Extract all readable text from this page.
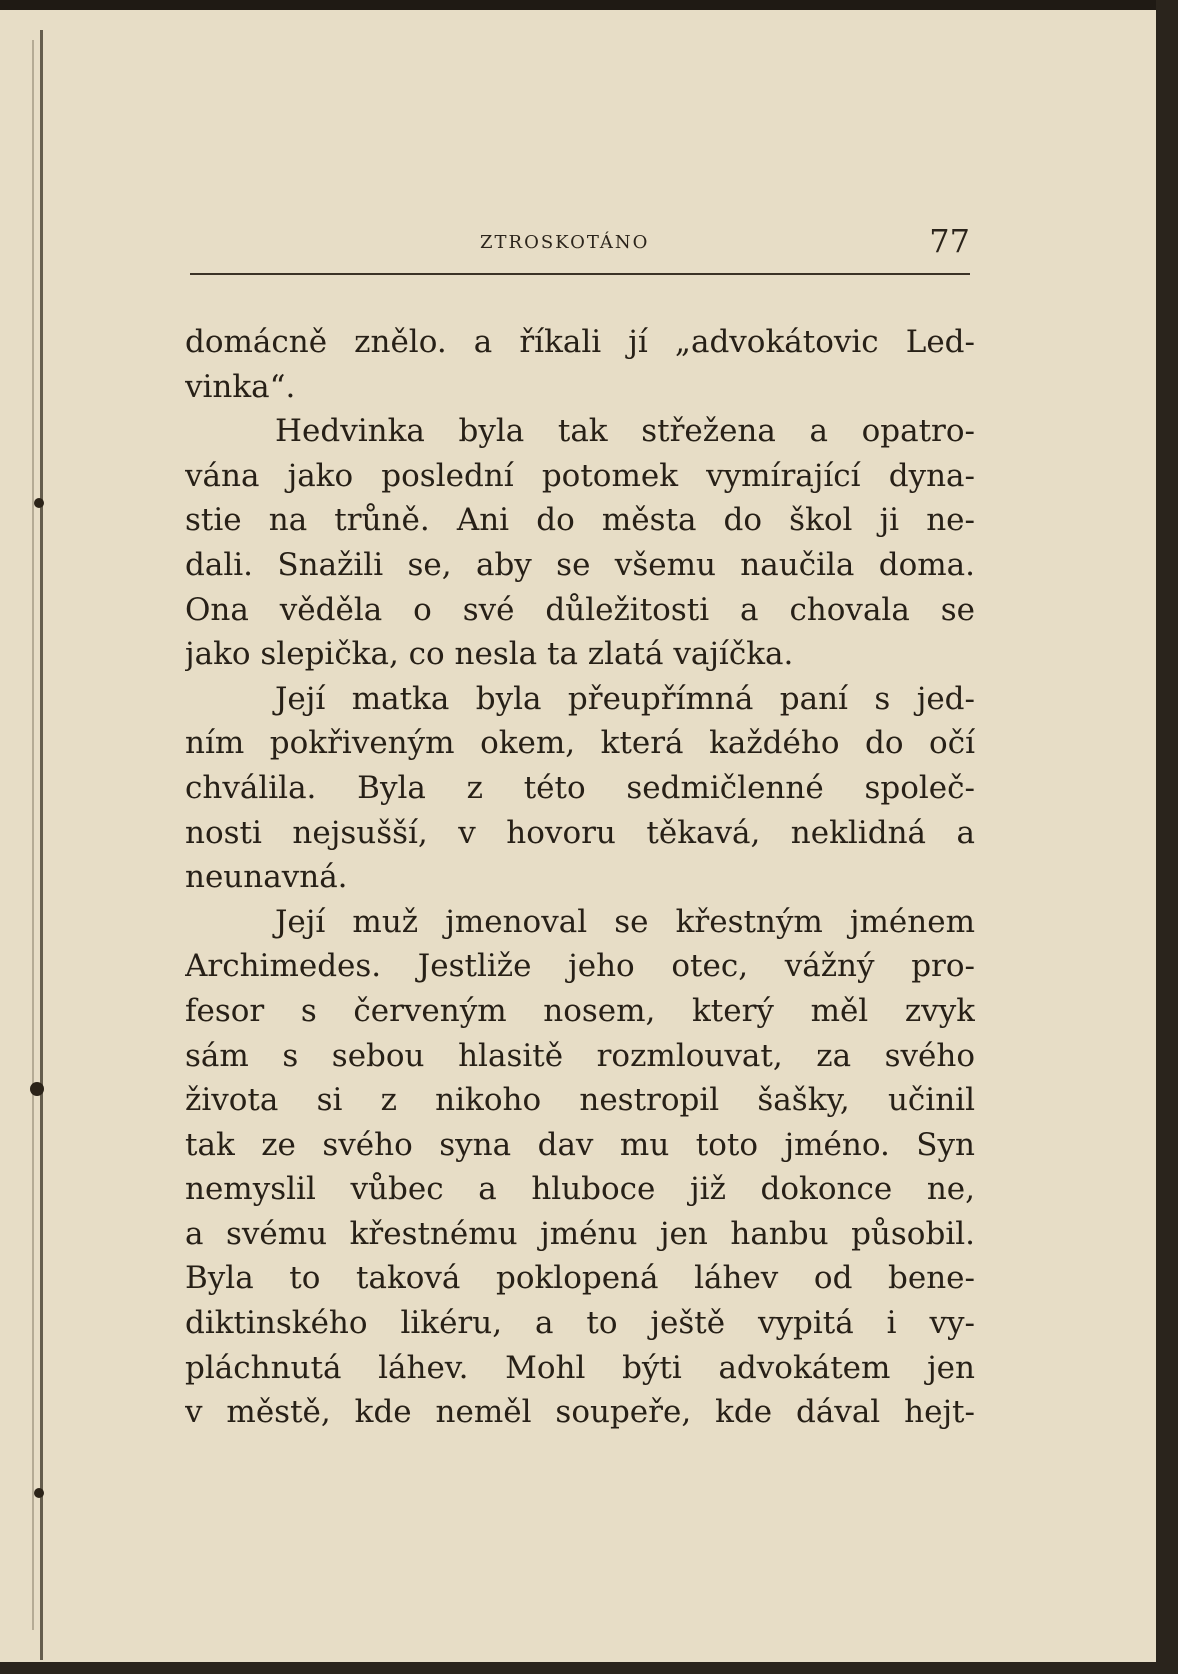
ZTROSKOTÁNO	77
domácně znělo. a říkali jí „advokátovic Led-
vinka“.
Hedvinka byla tak střežena a opatro-
vána jako poslední potomek vymírající dyna-
stie na trůně. Ani do města do škol ji ne-
dali. Snažili se, aby se všemu naučila doma.
Ona věděla o své důležitosti a chovala se
jako slepička, co nesla ta zlatá vajíčka.
Její matka byla přeupřímná paní s jed-
ním pokřiveným okem, která každého do očí
chválila. Byla z této sedmičlenné společ-
nosti nejsušší, v hovoru těkavá, neklidná a
neunavná.
Její muž jmenoval se křestným jménem
Archimedes. Jestliže jeho otec, vážný pro-
fesor s červeným nosem, který měl zvyk
sám s sebou hlasitě rozmlouvat, za svého
života si z nikoho nestropil šašky, učinil
tak ze svého syna dav mu toto jméno. Syn
nemyslil vůbec a hluboce již dokonce ne,
a svému křestnému jménu jen hanbu působil.
Byla to taková poklopená láhev od bene-
diktinského likéru, a to ještě vypitá i vy-
pláchnutá láhev. Mohl býti advokátem jen
v městě, kde neměl soupeře, kde dával hejt-
